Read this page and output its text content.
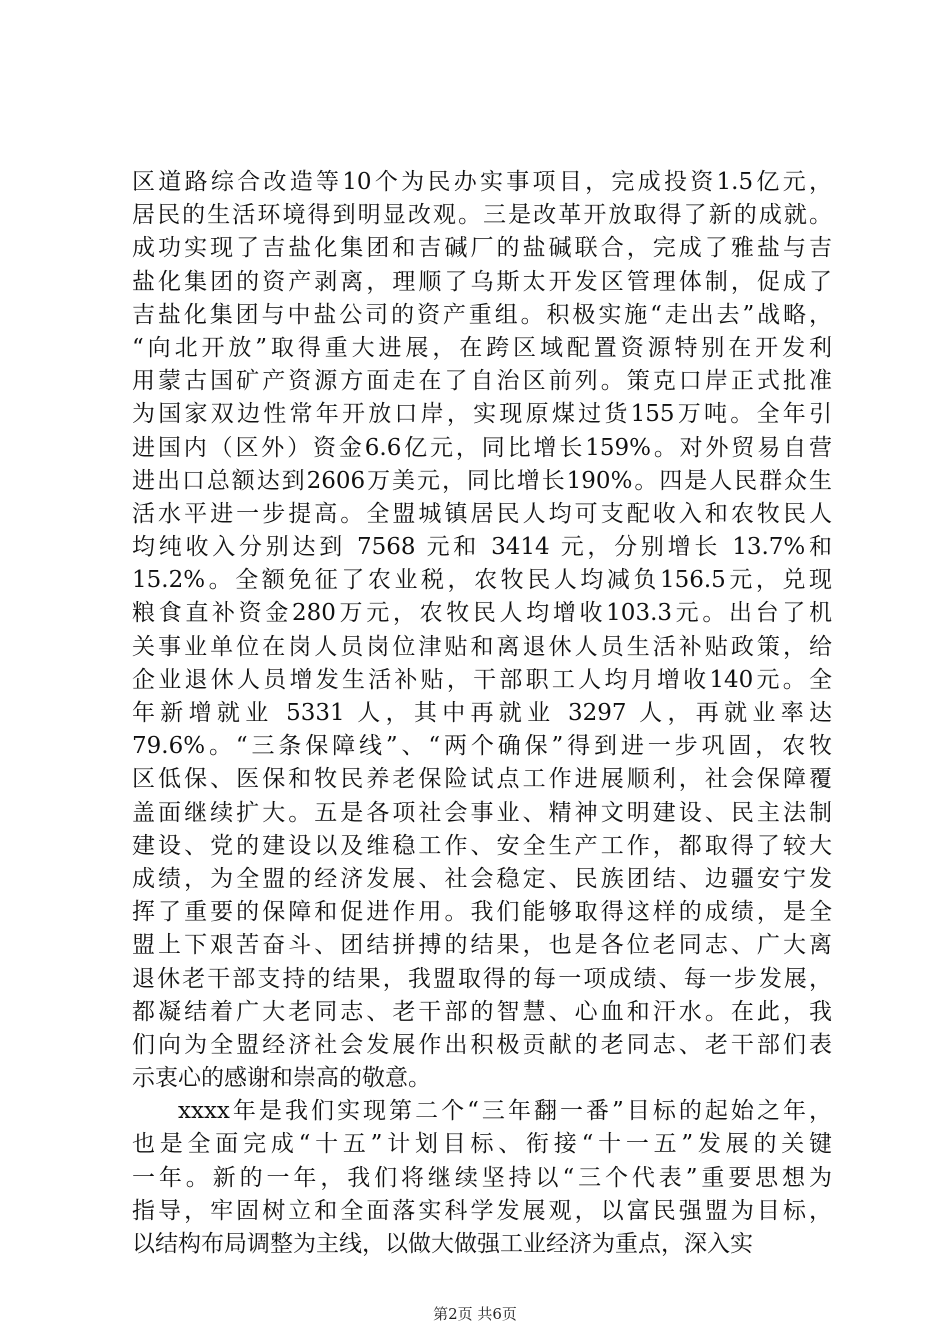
区道路综合改造等10个为民办实事项目，完成投资1.5亿元，
居民的生活环境得到明显改观。三是改革开放取得了新的成就。
成功实现了吉盐化集团和吉碱厂的盐碱联合，完成了雅盐与吉
盐化集团的资产剥离，理顺了乌斯太开发区管理体制，促成了
吉盐化集团与中盐公司的资产重组。积极实施“走出去”战略，
“向北开放”取得重大进展，在跨区域配置资源特别在开发利
用蒙古国矿产资源方面走在了自治区前列。策克口岸正式批准
为国家双边性常年开放口岸，实现原煤过货155万吨。全年引
进国内（区外）资金6.6亿元，同比增长159%。对外贸易自营
进出口总额达到2606万美元，同比增长190%。四是人民群众生
活水平进一步提高。全盟城镇居民人均可支配收入和农牧民人
均纯收入分别达到 7568 元和 3414 元，分别增长 13.7%和
15.2%。全额免征了农业税，农牧民人均减负156.5元，兑现
粮食直补资金280万元，农牧民人均增收103.3元。出台了机
关事业单位在岗人员岗位津贴和离退休人员生活补贴政策，给
企业退休人员增发生活补贴，干部职工人均月增收140元。全
年新增就业 5331 人，其中再就业 3297 人，再就业率达
79.6%。“三条保障线”、“两个确保”得到进一步巩固，农牧
区低保、医保和牧民养老保险试点工作进展顺利，社会保障覆
盖面继续扩大。五是各项社会事业、精神文明建设、民主法制
建设、党的建设以及维稳工作、安全生产工作，都取得了较大
成绩，为全盟的经济发展、社会稳定、民族团结、边疆安宁发
挥了重要的保障和促进作用。我们能够取得这样的成绩，是全
盟上下艰苦奋斗、团结拼搏的结果，也是各位老同志、广大离
退休老干部支持的结果，我盟取得的每一项成绩、每一步发展，
都凝结着广大老同志、老干部的智慧、心血和汗水。在此，我
们向为全盟经济社会发展作出积极贡献的老同志、老干部们表
示衷心的感谢和崇高的敬意。
xxxx年是我们实现第二个“三年翻一番”目标的起始之年，
也是全面完成“十五”计划目标、衔接“十一五”发展的关键
一年。新的一年，我们将继续坚持以“三个代表”重要思想为
指导，牢固树立和全面落实科学发展观，以富民强盟为目标，
以结构布局调整为主线，以做大做强工业经济为重点，深入实
第2页 共6页
